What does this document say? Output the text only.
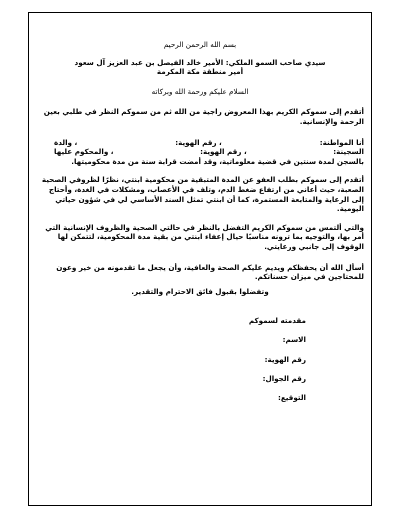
بسم الله الرحمن الرحيم

سيدي صاحب السمو الملكي: الأمير خالد الفيصل بن عبد العزيز آل سعود

أمير منطقة مكة المكرمة

السلام عليكم ورحمة الله وبركاته

أتقدم إلى سموكم الكريم بهذا المعروض راجية من الله ثم من سموكم النظر في طلبي بعين الرحمة والإنسانية.

أنا المواطنة:
، رقم الهوية:
، والدة
السجينة:
، رقم الهوية:
، والمحكوم عليها

بالسجن لمدة سنتين في قضية معلوماتية، وقد أمضت قرابة سنة من مدة محكوميتها.

أتقدم إلى سموكم بطلب العفو عن المدة المتبقية من محكومية ابنتي، نظرًا لظروفي الصحية الصعبة، حيث أعاني من ارتفاع ضغط الدم، وتلف في الأعصاب، ومشكلات في الغدة، وأحتاج إلى الرعاية والمتابعة المستمرة، كما أن ابنتي تمثل السند الأساسي لي في شؤون حياتي اليومية.

والتي ألتمس من سموكم الكريم التفضل بالنظر في حالتي الصحية والظروف الإنسانية التي أمر بها، والتوجيه بما ترونه مناسبًا حيال إعفاء ابنتي من بقية مدة المحكومية، لتتمكن لها الوقوف إلى جانبي ورعايتي.

أسأل الله أن يحفظكم ويديم عليكم الصحة والعافية، وأن يجعل ما تقدمونه من خير وعون للمحتاجين في ميزان حسناتكم.

وتفضلوا بقبول فائق الاحترام والتقدير.

مقدمته لسموكم

الاسم:

رقم الهوية:

رقم الجوال:

التوقيع:
